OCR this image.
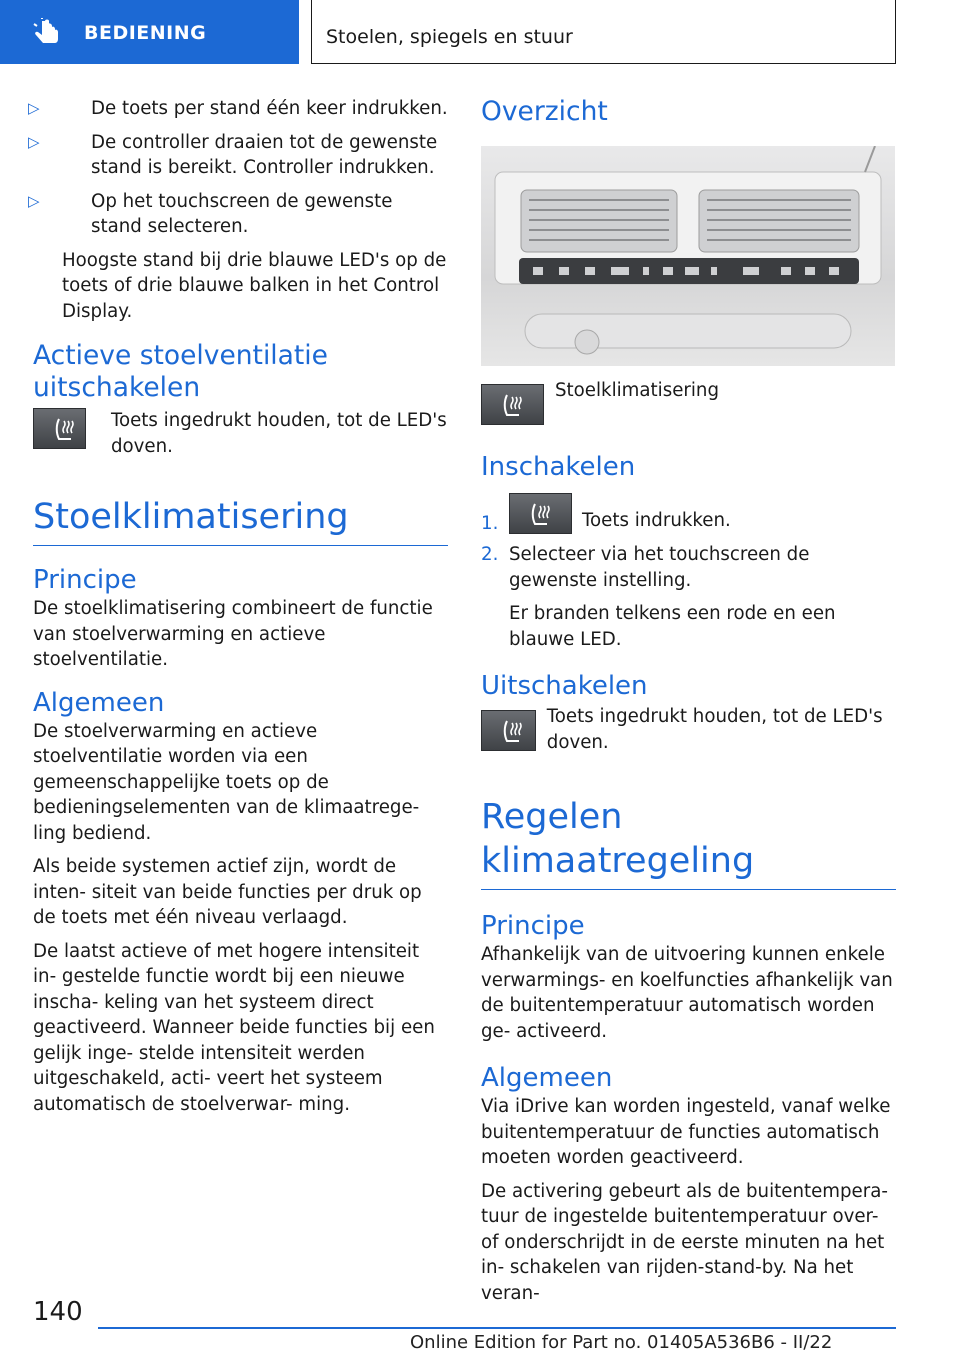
BEDIENING	Stoelen, spiegels en stuur
▷	De toets per stand één keer indrukken.
▷	De controller draaien tot de gewenste stand is bereikt. Controller indrukken.
▷	Op het touchscreen de gewenste stand selecteren.

Hoogste stand bij drie blauwe LED's op de toets of drie blauwe balken in het Control Display.

Actieve stoelventilatie uitschakelen
Toets ingedrukt houden, tot de LED's doven.
Stoelklimatisering
Principe

De stoelklimatisering combineert de functie van stoelverwarming en actieve stoelventilatie.

Algemeen

De stoelverwarming en actieve stoelventilatie worden via een gemeenschappelijke toets op de bedieningselementen van de klimaatrege- ling bediend.

Als beide systemen actief zijn, wordt de inten- siteit van beide functies per druk op de toets met één niveau verlaagd.

De laatst actieve of met hogere intensiteit in- gestelde functie wordt bij een nieuwe inscha- keling van het systeem direct geactiveerd. Wanneer beide functies bij een gelijk inge- stelde intensiteit werden uitgeschakeld, acti- veert het systeem automatisch de stoelverwar- ming.

Overzicht
Stoelklimatisering
Inschakelen
1.	Toets indrukken.
2. Selecteer via het touchscreen de gewenste instelling.

Er branden telkens een rode en een blauwe LED.

Uitschakelen
Toets ingedrukt houden, tot de LED's doven.
Regelen klimaatregeling
Principe

Afhankelijk van de uitvoering kunnen enkele verwarmings- en koelfuncties afhankelijk van de buitentemperatuur automatisch worden ge- activeerd.

Algemeen

Via iDrive kan worden ingesteld, vanaf welke buitentemperatuur de functies automatisch moeten worden geactiveerd.

De activering gebeurt als de buitentempera- tuur de ingestelde buitentemperatuur over- of onderschrijdt in de eerste minuten na het in- schakelen van rijden-stand-by. Na het veran-

140
Online Edition for Part no. 01405A536B6 - II/22
